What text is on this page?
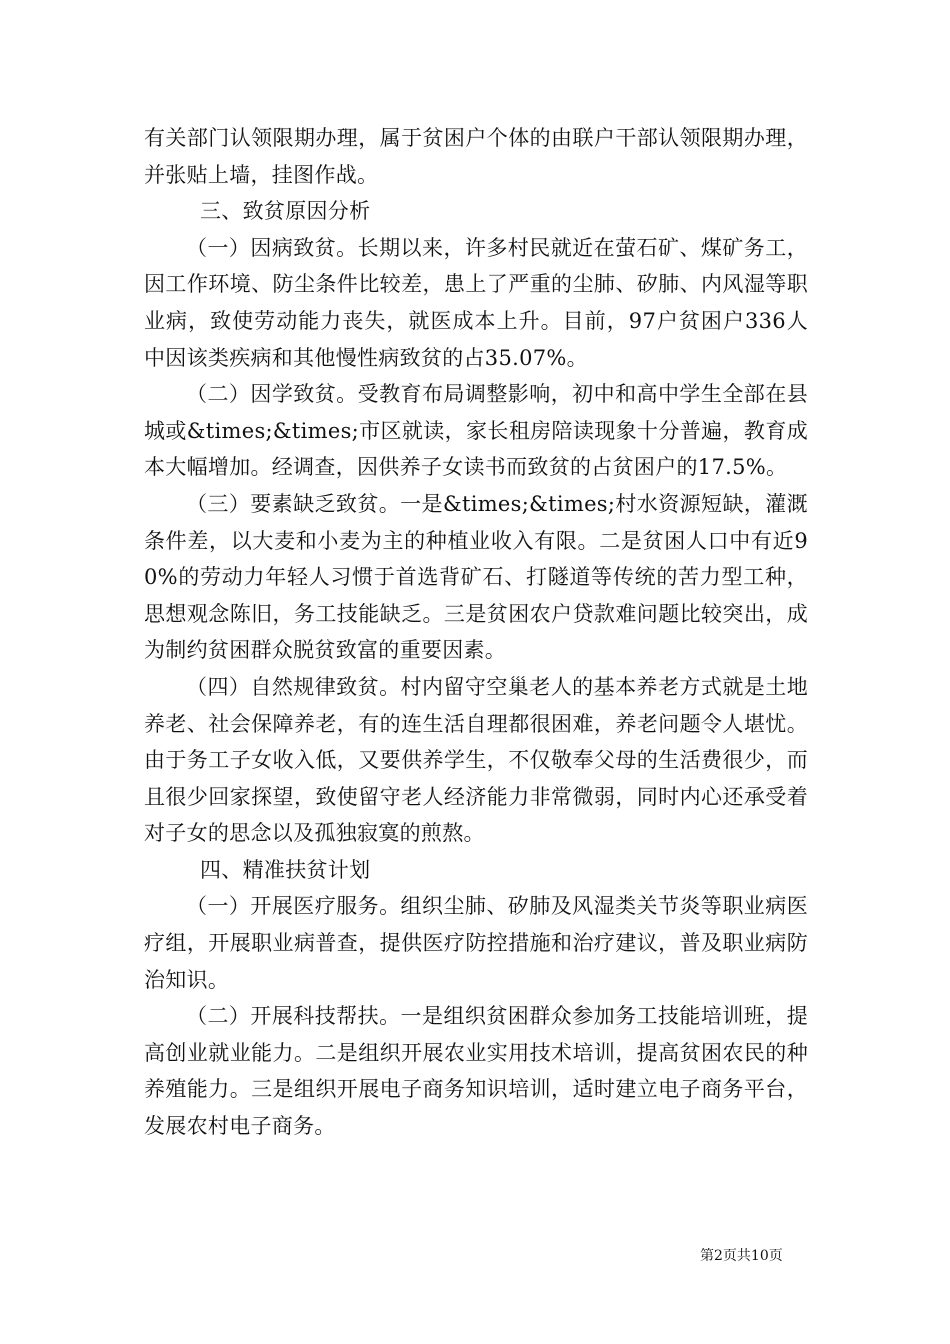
有关部门认领限期办理，属于贫困户个体的由联户干部认领限期办理，并张贴上墙，挂图作战。

三、致贫原因分析

（一）因病致贫。长期以来，许多村民就近在萤石矿、煤矿务工，因工作环境、防尘条件比较差，患上了严重的尘肺、矽肺、内风湿等职业病，致使劳动能力丧失，就医成本上升。目前，97户贫困户336人中因该类疾病和其他慢性病致贫的占35.07%。

（二）因学致贫。受教育布局调整影响，初中和高中学生全部在县城或&times;&times;市区就读，家长租房陪读现象十分普遍，教育成本大幅增加。经调查，因供养子女读书而致贫的占贫困户的17.5%。

（三）要素缺乏致贫。一是&times;&times;村水资源短缺，灌溉条件差，以大麦和小麦为主的种植业收入有限。二是贫困人口中有近90%的劳动力年轻人习惯于首选背矿石、打隧道等传统的苦力型工种，思想观念陈旧，务工技能缺乏。三是贫困农户贷款难问题比较突出，成为制约贫困群众脱贫致富的重要因素。

（四）自然规律致贫。村内留守空巢老人的基本养老方式就是土地养老、社会保障养老，有的连生活自理都很困难，养老问题令人堪忧。由于务工子女收入低，又要供养学生，不仅敬奉父母的生活费很少，而且很少回家探望，致使留守老人经济能力非常微弱，同时内心还承受着对子女的思念以及孤独寂寞的煎熬。

四、精准扶贫计划

（一）开展医疗服务。组织尘肺、矽肺及风湿类关节炎等职业病医疗组，开展职业病普查，提供医疗防控措施和治疗建议，普及职业病防治知识。

（二）开展科技帮扶。一是组织贫困群众参加务工技能培训班，提高创业就业能力。二是组织开展农业实用技术培训，提高贫困农民的种养殖能力。三是组织开展电子商务知识培训，适时建立电子商务平台，发展农村电子商务。

第2页共10页
